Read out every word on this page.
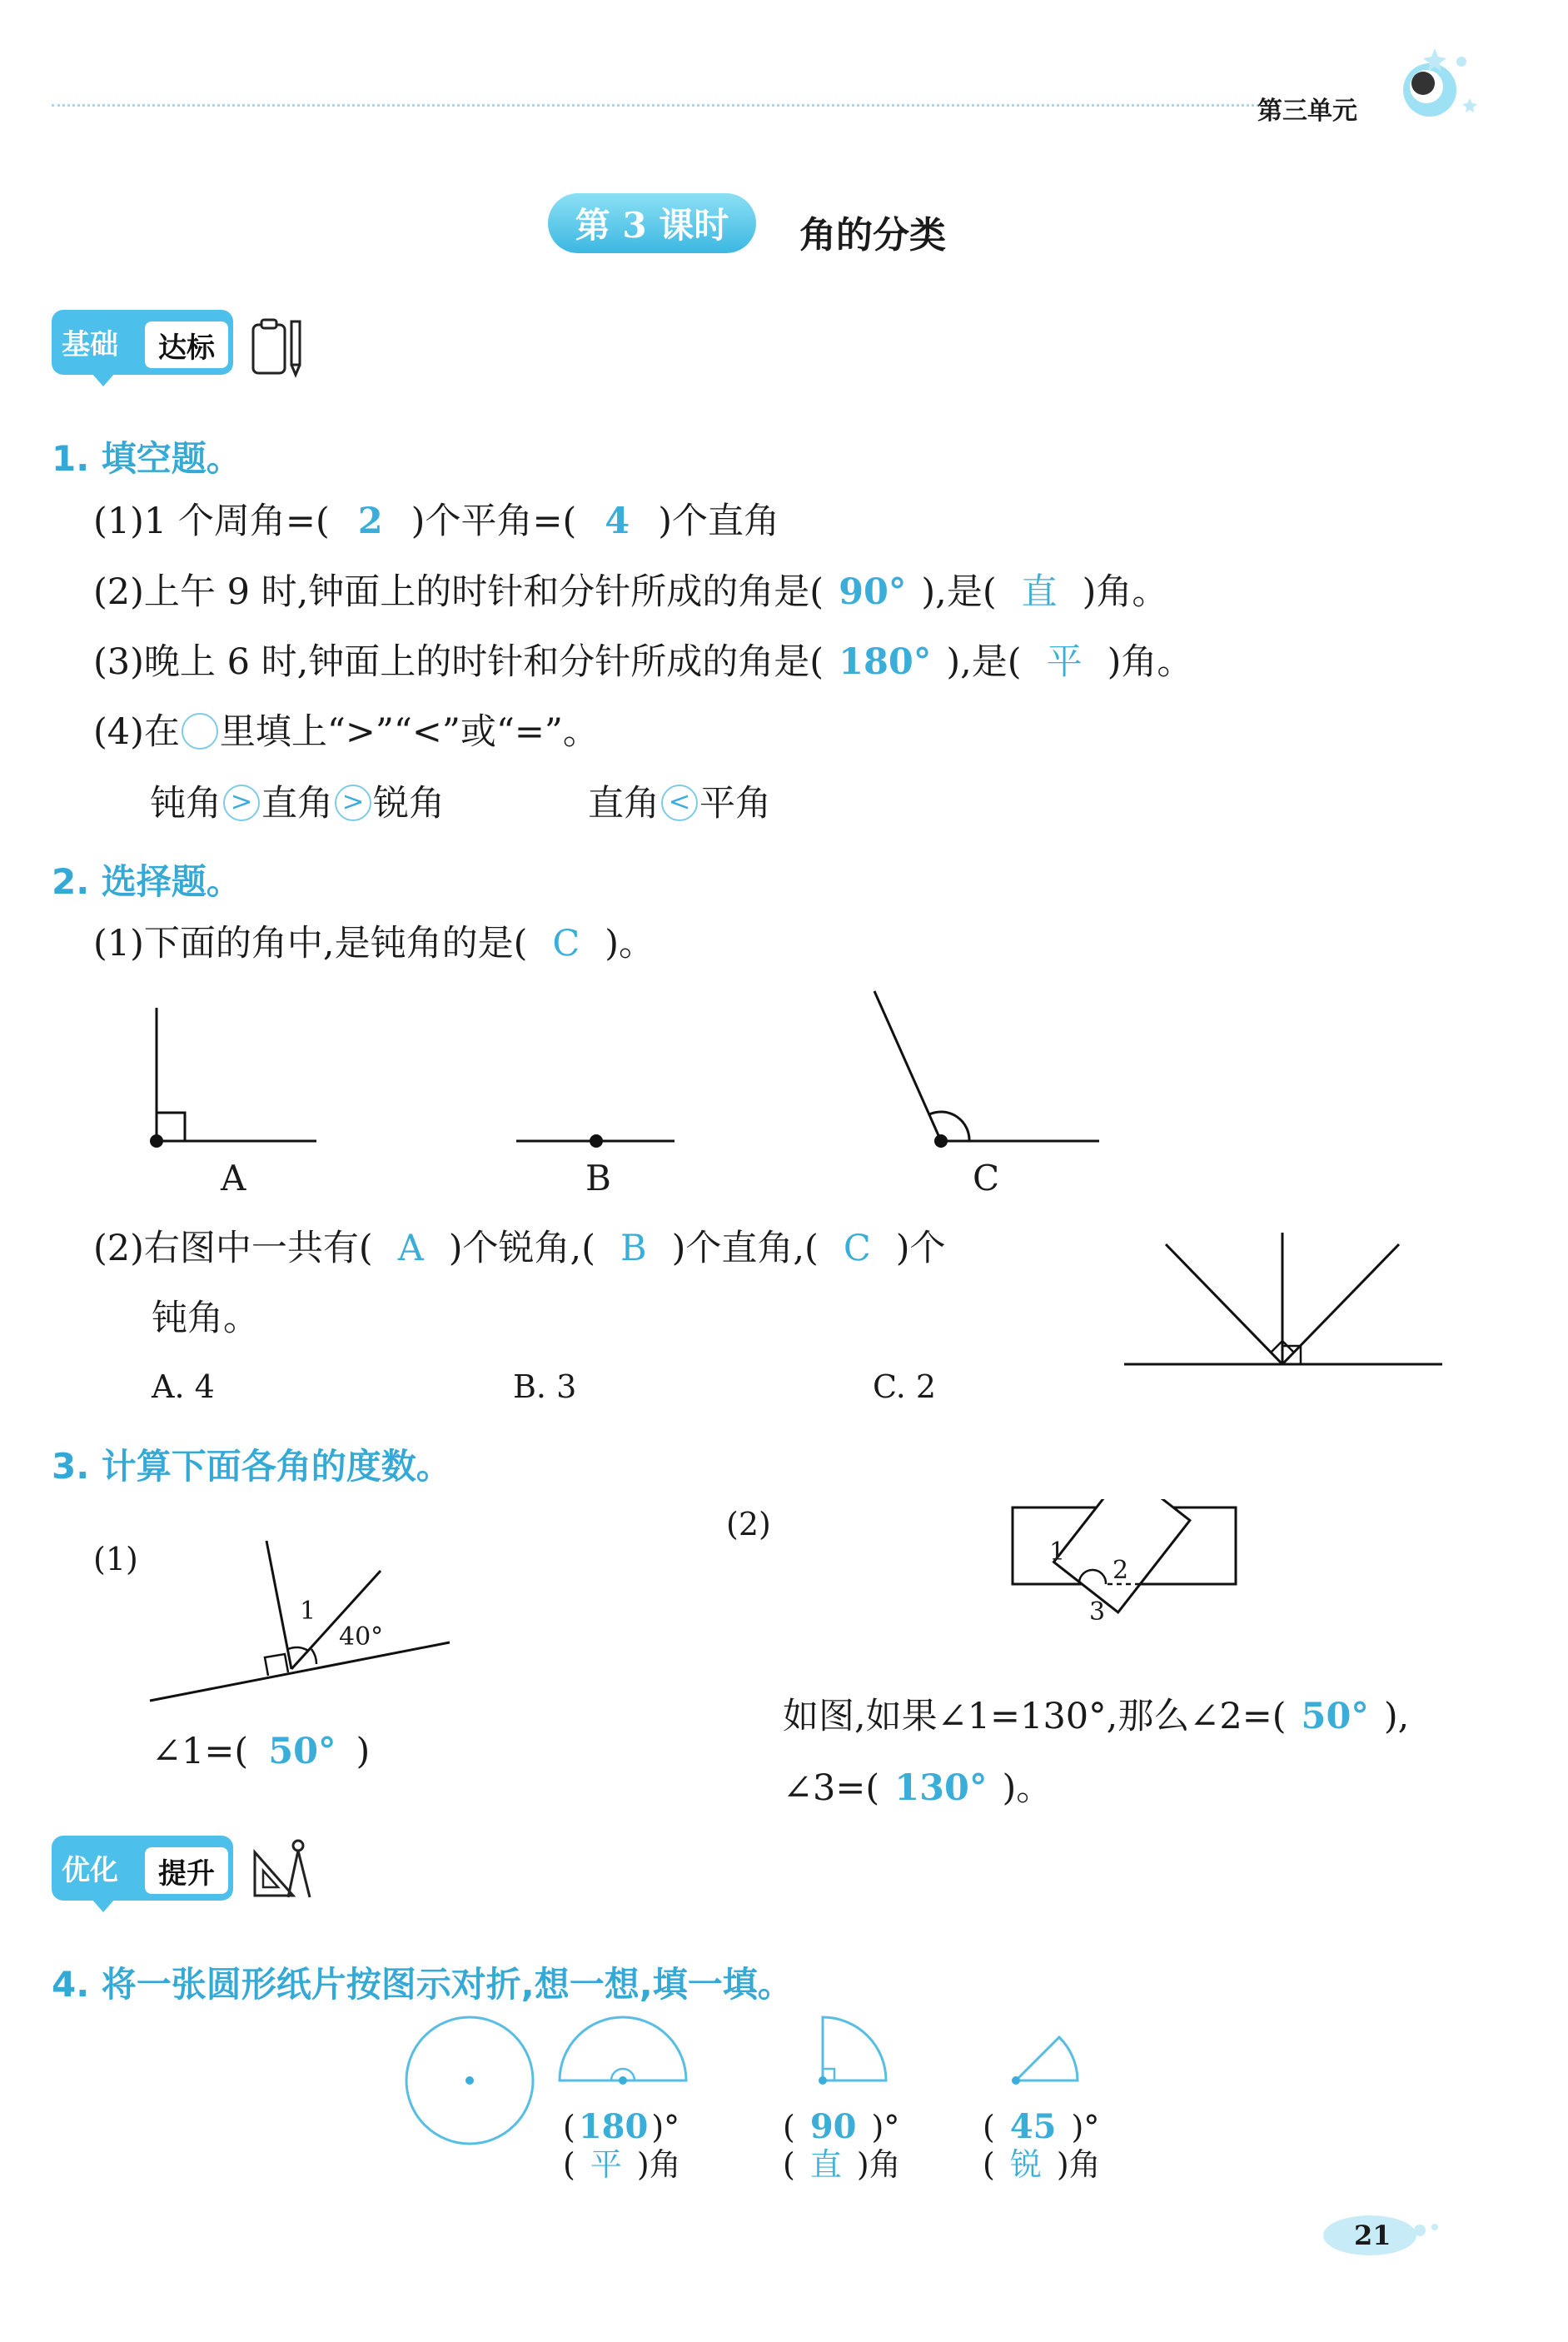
第三单元
第 3 课时	角的分类
基础	达标
1. 填空题。
(1)1 个周角=( 2 )个平角=( 4 )个直角
(2)上午 9 时,钟面上的时针和分针所成的角是( 90° ),是( 直 )角。
(3)晚上 6 时,钟面上的时针和分针所成的角是( 180° ),是( 平 )角。
(4)在 里填上“>”“<”或“=”。
钝角 > 直角 > 锐角	直角 < 平角
2. 选择题。
(1)下面的角中,是钝角的是( C )。
A	B	C
(2)右图中一共有( A )个锐角,( B )个直角,( C )个
钝角。
A. 4	B. 3	C. 2
3. 计算下面各角的度数。
(1)
1
40°
∠1=( 50° )
(2)
1
2
3
如图,如果∠1=130°,那么∠2=( 50° ),
∠3=( 130° )。
优化	提升
4. 将一张圆形纸片按图示对折,想一想,填一填。
( 180 )°
( 平 )角
( 90 )°
( 直 )角
( 45 )°
( 锐 )角
21
